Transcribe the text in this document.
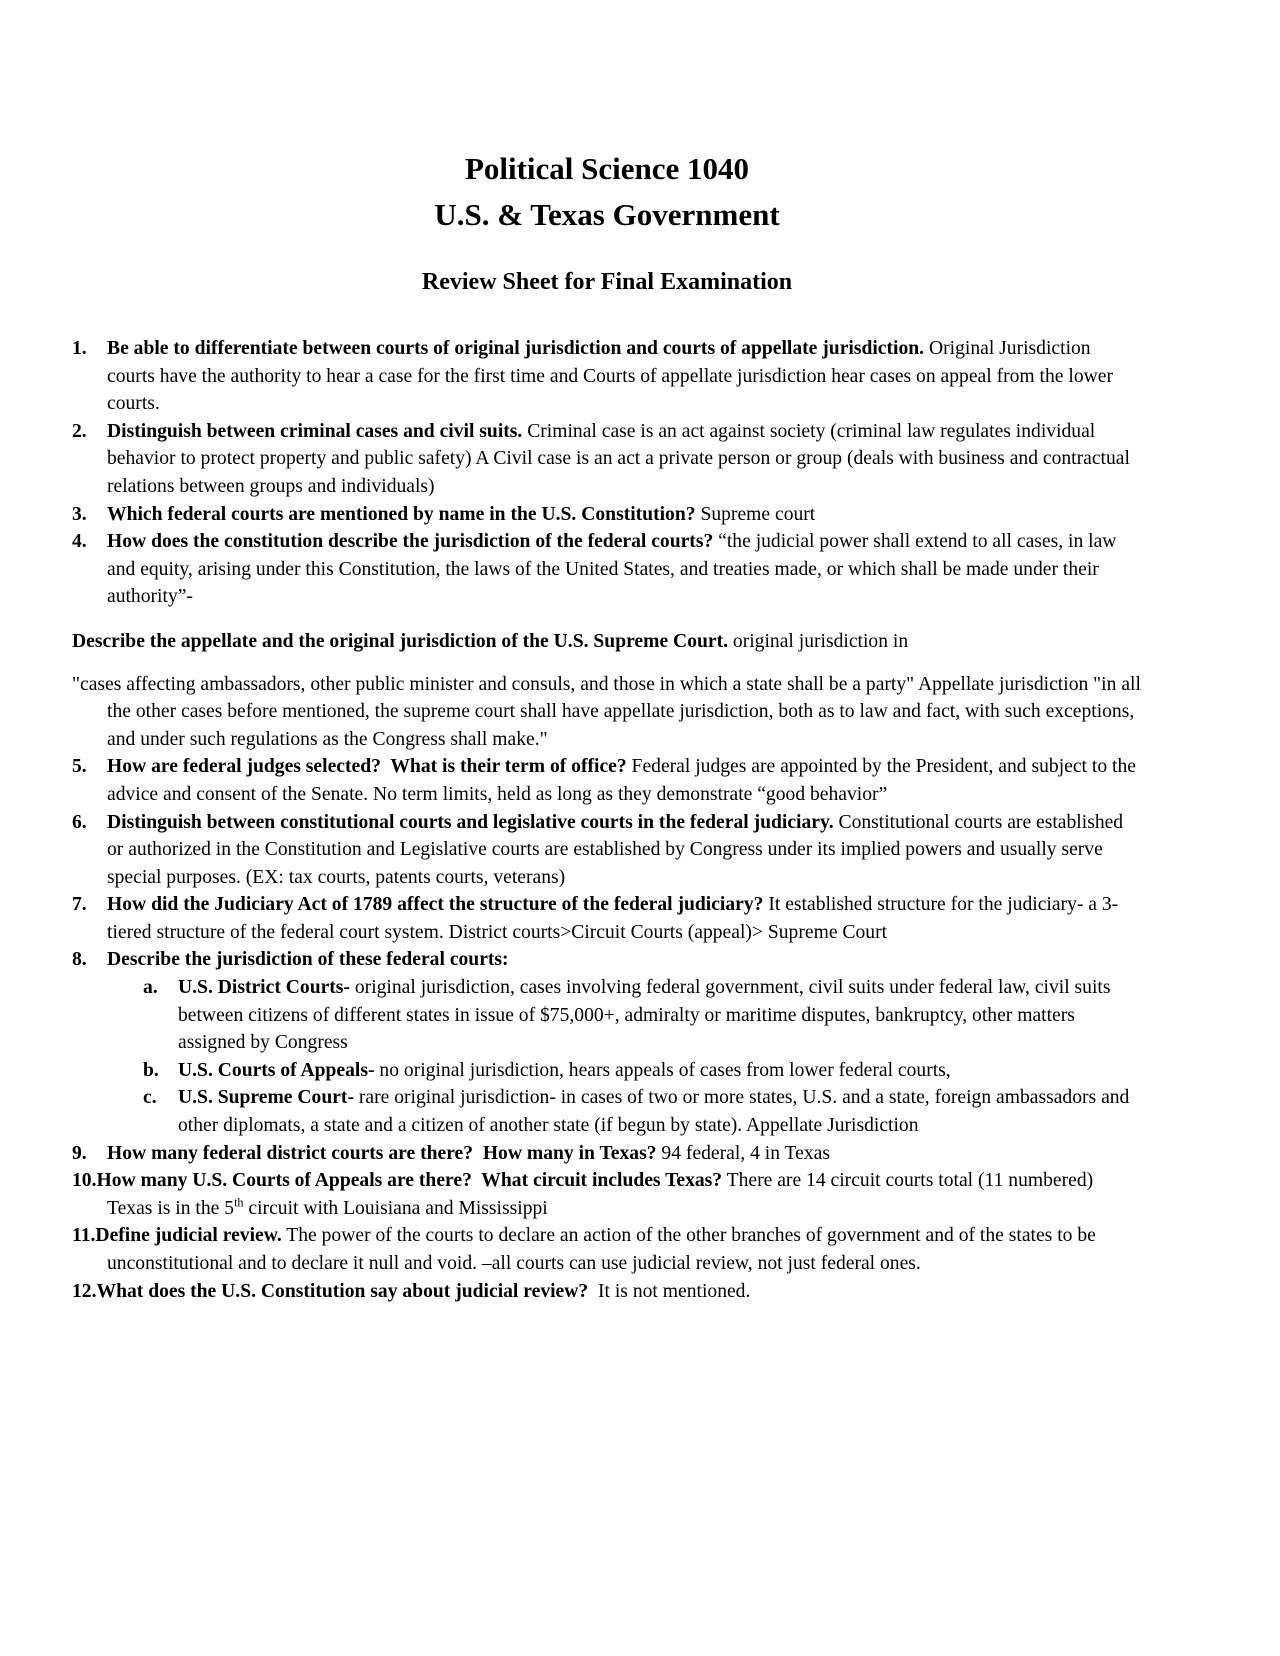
Political Science 1040
U.S. & Texas Government
Review Sheet for Final Examination

1. Be able to differentiate between courts of original jurisdiction and courts of appellate jurisdiction. Original Jurisdiction courts have the authority to hear a case for the first time and Courts of appellate jurisdiction hear cases on appeal from the lower courts.

2. Distinguish between criminal cases and civil suits. Criminal case is an act against society (criminal law regulates individual behavior to protect property and public safety) A Civil case is an act a private person or group (deals with business and contractual relations between groups and individuals)

3. Which federal courts are mentioned by name in the U.S. Constitution? Supreme court

4. How does the constitution describe the jurisdiction of the federal courts? “the judicial power shall extend to all cases, in law and equity, arising under this Constitution, the laws of the United States, and treaties made, or which shall be made under their authority”-

Describe the appellate and the original jurisdiction of the U.S. Supreme Court. original jurisdiction in

"cases affecting ambassadors, other public minister and consuls, and those in which a state shall be a party" Appellate jurisdiction "in all the other cases before mentioned, the supreme court shall have appellate jurisdiction, both as to law and fact, with such exceptions, and under such regulations as the Congress shall make."

5. How are federal judges selected?  What is their term of office? Federal judges are appointed by the President, and subject to the advice and consent of the Senate. No term limits, held as long as they demonstrate “good behavior”

6. Distinguish between constitutional courts and legislative courts in the federal judiciary. Constitutional courts are established or authorized in the Constitution and Legislative courts are established by Congress under its implied powers and usually serve special purposes. (EX: tax courts, patents courts, veterans)

7. How did the Judiciary Act of 1789 affect the structure of the federal judiciary? It established structure for the judiciary- a 3-tiered structure of the federal court system. District courts>Circuit Courts (appeal)> Supreme Court

8. Describe the jurisdiction of these federal courts:

a. U.S. District Courts- original jurisdiction, cases involving federal government, civil suits under federal law, civil suits between citizens of different states in issue of $75,000+, admiralty or maritime disputes, bankruptcy, other matters assigned by Congress

b. U.S. Courts of Appeals- no original jurisdiction, hears appeals of cases from lower federal courts,

c. U.S. Supreme Court- rare original jurisdiction- in cases of two or more states, U.S. and a state, foreign ambassadors and other diplomats, a state and a citizen of another state (if begun by state). Appellate Jurisdiction

9. How many federal district courts are there?  How many in Texas? 94 federal, 4 in Texas

10.How many U.S. Courts of Appeals are there?  What circuit includes Texas? There are 14 circuit courts total (11 numbered) Texas is in the 5th circuit with Louisiana and Mississippi

11.Define judicial review. The power of the courts to declare an action of the other branches of government and of the states to be unconstitutional and to declare it null and void. –all courts can use judicial review, not just federal ones.

12.What does the U.S. Constitution say about judicial review?  It is not mentioned.
